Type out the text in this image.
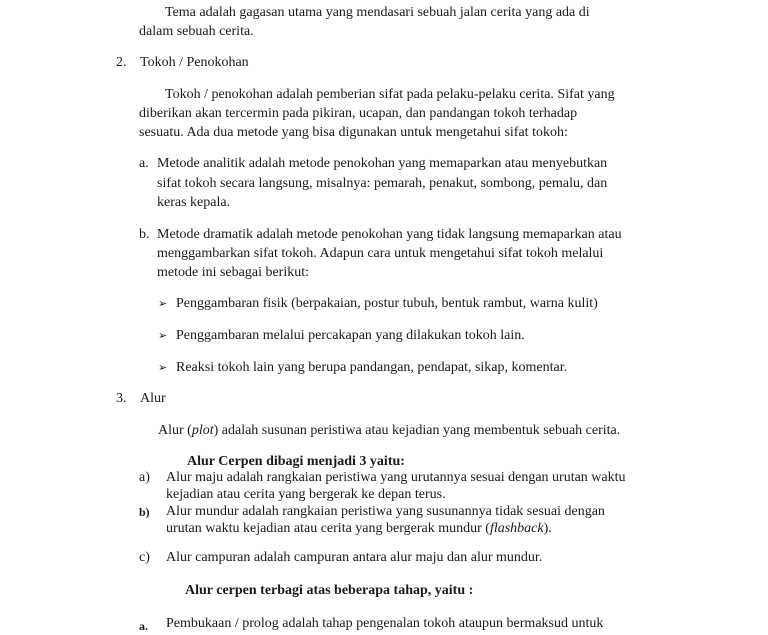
Tema adalah gagasan utama yang mendasari sebuah jalan cerita yang ada di
dalam sebuah cerita.
2. Tokoh / Penokohan
Tokoh / penokohan adalah pemberian sifat pada pelaku-pelaku cerita. Sifat yang
diberikan akan tercermin pada pikiran, ucapan, dan pandangan tokoh terhadap
sesuatu. Ada dua metode yang bisa digunakan untuk mengetahui sifat tokoh:
a. Metode analitik adalah metode penokohan yang memaparkan atau menyebutkan
sifat tokoh secara langsung, misalnya: pemarah, penakut, sombong, pemalu, dan
keras kepala.
b. Metode dramatik adalah metode penokohan yang tidak langsung memaparkan atau
menggambarkan sifat tokoh. Adapun cara untuk mengetahui sifat tokoh melalui
metode ini sebagai berikut:
➢ Penggambaran fisik (berpakaian, postur tubuh, bentuk rambut, warna kulit)
➢ Penggambaran melalui percakapan yang dilakukan tokoh lain.
➢ Reaksi tokoh lain yang berupa pandangan, pendapat, sikap, komentar.
3. Alur
Alur (plot) adalah susunan peristiwa atau kejadian yang membentuk sebuah cerita.
Alur Cerpen dibagi menjadi 3 yaitu:
a) Alur maju adalah rangkaian peristiwa yang urutannya sesuai dengan urutan waktu
kejadian atau cerita yang bergerak ke depan terus.
b) Alur mundur adalah rangkaian peristiwa yang susunannya tidak sesuai dengan
urutan waktu kejadian atau cerita yang bergerak mundur (flashback).
c) Alur campuran adalah campuran antara alur maju dan alur mundur.
Alur cerpen terbagi atas beberapa tahap, yaitu :
a. Pembukaan / prolog adalah tahap pengenalan tokoh ataupun bermaksud untuk
